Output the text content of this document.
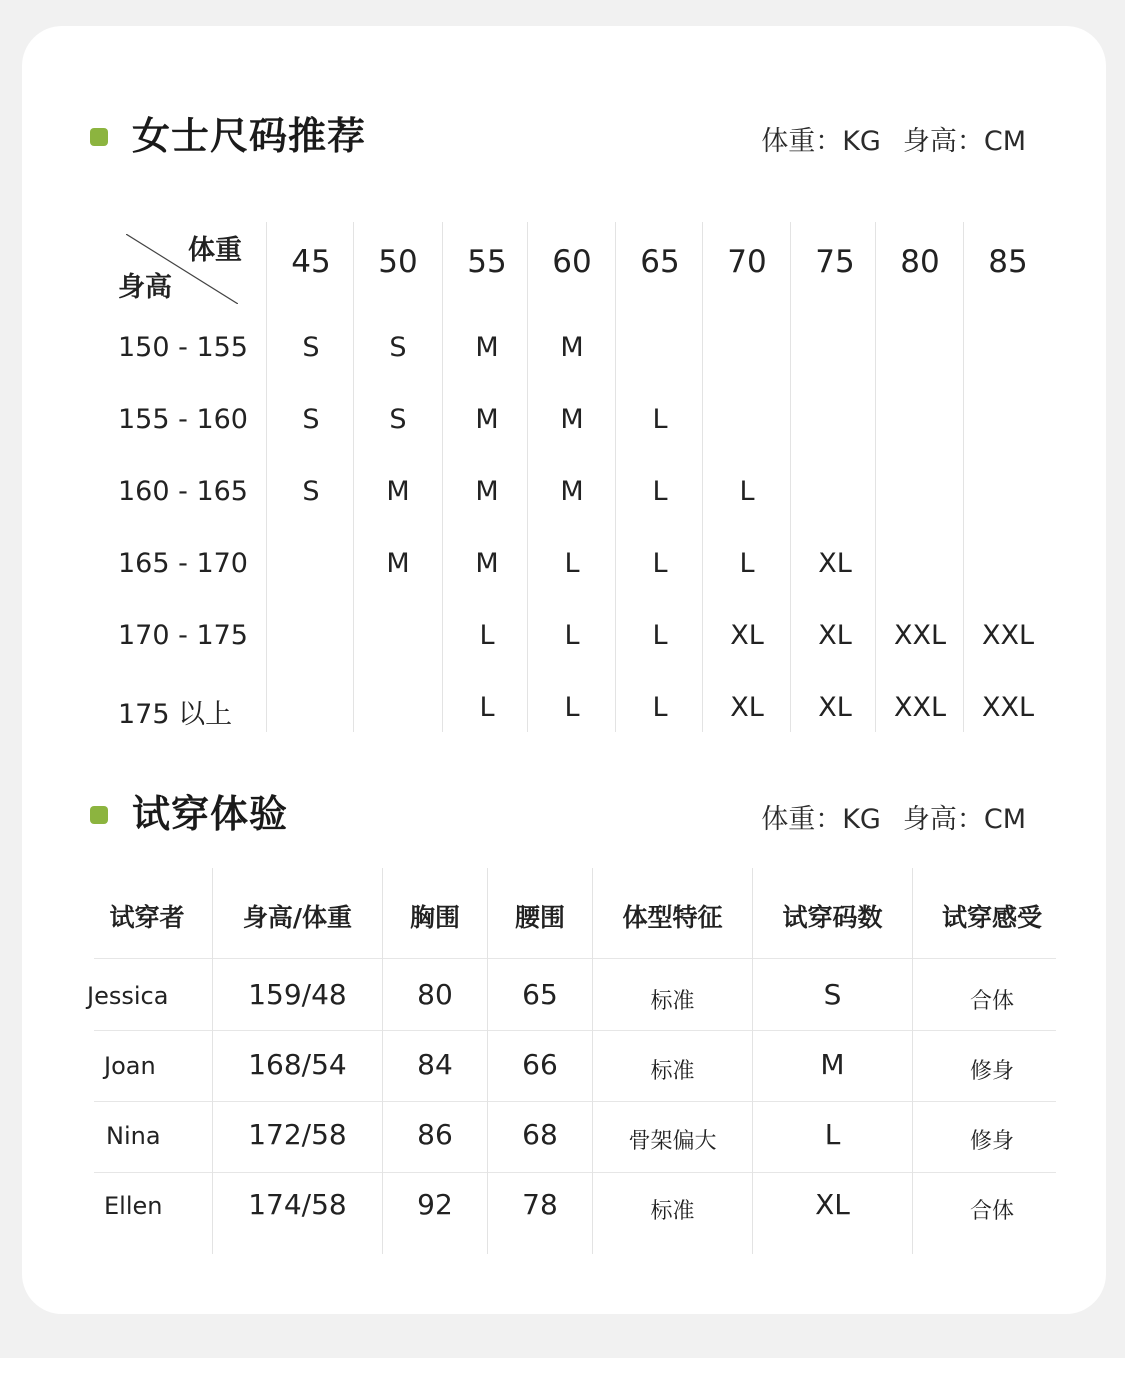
女士尺码推荐	体重：KG 身高：CM
体重
身高
150 - 155
155 - 160
160 - 165
165 - 170
170 - 175
175 以上
45
S
S
S
50
S
S
M
M
55
M
M
M
M
L
L
60
M
M
M
L
L
L
65
L
L
L
L
L
70
L
L
XL
XL
75
XL
XL
XL
80
XXL
XXL
85
XXL
XXL
试穿体验	体重：KG 身高：CM
试穿者
Jessica
Joan
Nina
Ellen
身高/体重
159/48
168/54
172/58
174/58
胸围
80
84
86
92
腰围
65
66
68
78
体型特征
标准
标准
骨架偏大
标准
试穿码数
S
M
L
XL
试穿感受
合体
修身
修身
合体
